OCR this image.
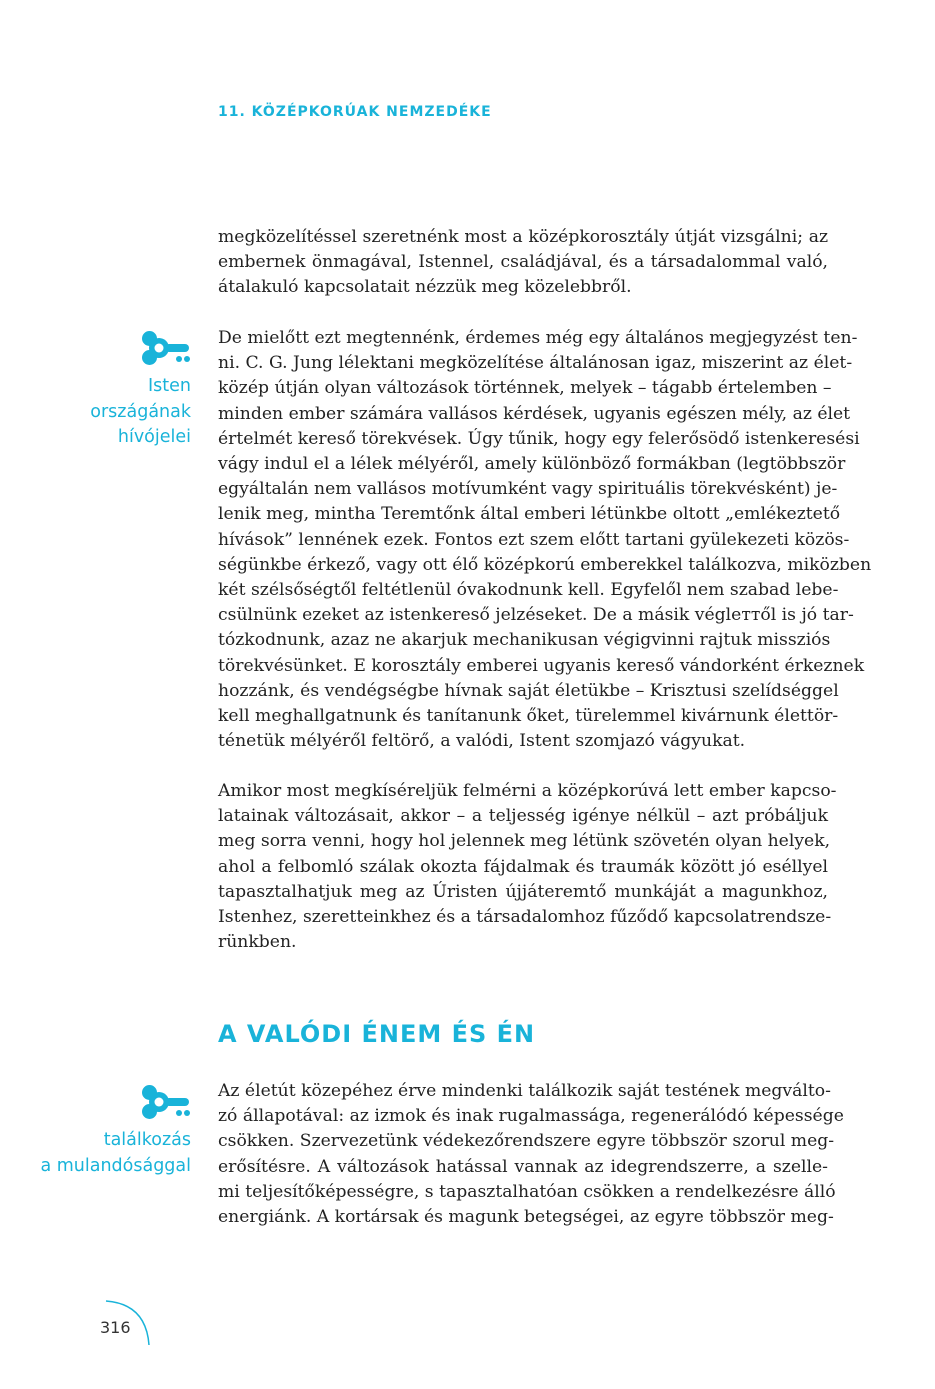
11. KÖZÉPKORÚAK NEMZEDÉKE

megközelítéssel szeretnénk most a középkorosztály útját vizsgálni; az
embernek önmagával, Istennel, családjával, és a társadalommal való,
átalakuló kapcsolatait nézzük meg közelebbről.

Isten
országának
hívójelei

De mielőtt ezt megtennénk, érdemes még egy általános megjegyzést ten-
ni. C. G. Jung lélektani megközelítése általánosan igaz, miszerint az élet-
közép útján olyan változások történnek, melyek – tágabb értelemben –
minden ember számára vallásos kérdések, ugyanis egészen mély, az élet
értelmét kereső törekvések. Úgy tűnik, hogy egy felerősödő istenkeresési
vágy indul el a lélek mélyéről, amely különböző formákban (legtöbbször
egyáltalán nem vallásos motívumként vagy spirituális törekvésként) je-
lenik meg, mintha Teremtőnk által emberi létünkbe oltott „emlékeztető
hívások” lennének ezek. Fontos ezt szem előtt tartani gyülekezeti közös-
ségünkbe érkező, vagy ott élő középkorú emberekkel találkozva, miközben
két szélsőségtől feltétlenül óvakodnunk kell. Egyfelől nem szabad lebe-
csülnünk ezeket az istenkereső jelzéseket. De a másik végleттől is jó tar-
tózkodnunk, azaz ne akarjuk mechanikusan végigvinni rajtuk missziós
törekvésünket. E korosztály emberei ugyanis kereső vándorként érkeznek
hozzánk, és vendégségbe hívnak saját életükbe – Krisztusi szelídséggel
kell meghallgatnunk és tanítanunk őket, türelemmel kivárnunk élettör-
ténetük mélyéről feltörő, a valódi, Istent szomjazó vágyukat.

Amikor most megkíséreljük felmérni a középkorúvá lett ember kapcso-
latainak változásait, akkor – a teljesség igénye nélkül – azt próbáljuk
meg sorra venni, hogy hol jelennek meg létünk szövetén olyan helyek,
ahol a felbomló szálak okozta fájdalmak és traumák között jó eséllyel
tapasztalhatjuk meg az Úristen újjáteremtő munkáját a magunkhoz,
Istenhez, szeretteinkhez és a társadalomhoz fűződő kapcsolatrendsze-
rünkben.

A VALÓDI ÉNEM ÉS ÉN
találkozás
a mulandósággal

Az életút közepéhez érve mindenki találkozik saját testének megválto-
zó állapotával: az izmok és inak rugalmassága, regenerálódó képessége
csökken. Szervezetünk védekezőrendszere egyre többször szorul meg-
erősítésre. A változások hatással vannak az idegrendszerre, a szelle-
mi teljesítőképességre, s tapasztalhatóan csökken a rendelkezésre álló
energiánk. A kortársak és magunk betegségei, az egyre többször meg-

316
